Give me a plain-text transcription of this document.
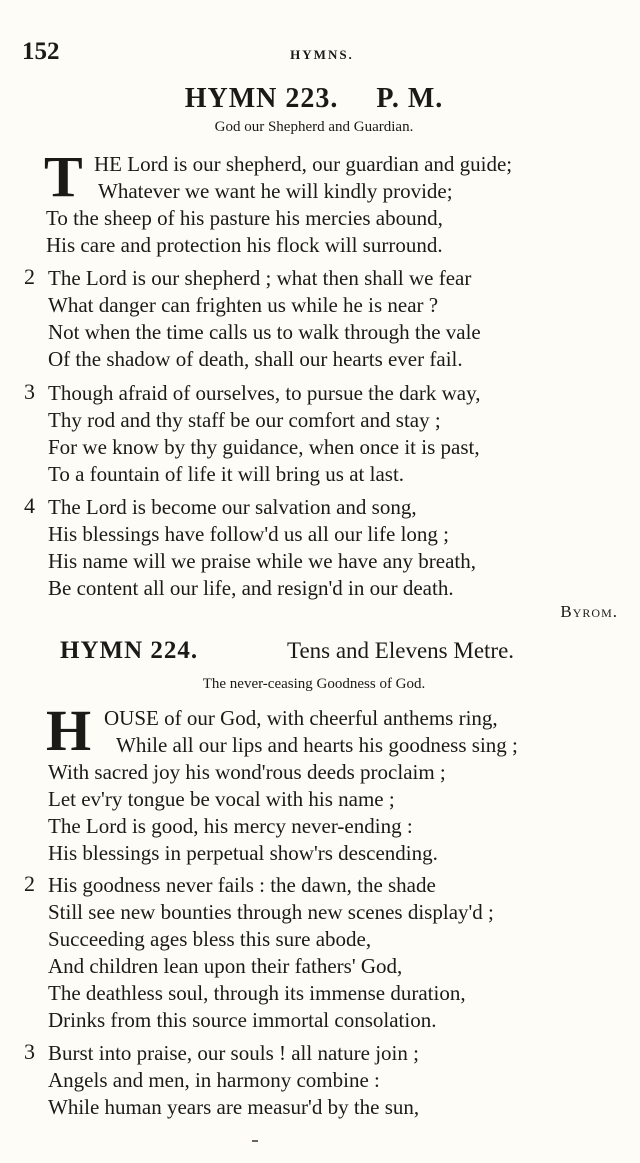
152	HYMNS.
HYMN 223. P. M.
God our Shepherd and Guardian.
T HE Lord is our shepherd, our guardian and guide;
Whatever we want he will kindly provide;
To the sheep of his pasture his mercies abound,
His care and protection his flock will surround.
2 The Lord is our shepherd ; what then shall we fear
What danger can frighten us while he is near ?
Not when the time calls us to walk through the vale
Of the shadow of death, shall our hearts ever fail.
3 Though afraid of ourselves, to pursue the dark way,
Thy rod and thy staff be our comfort and stay ;
For we know by thy guidance, when once it is past,
To a fountain of life it will bring us at last.
4 The Lord is become our salvation and song,
His blessings have follow'd us all our life long ;
His name will we praise while we have any breath,
Be content all our life, and resign'd in our death.
Byrom.
HYMN 224.	Tens and Elevens Metre.
The never-ceasing Goodness of God.
H OUSE of our God, with cheerful anthems ring,
While all our lips and hearts his goodness sing ;
With sacred joy his wond'rous deeds proclaim ;
Let ev'ry tongue be vocal with his name ;
The Lord is good, his mercy never-ending :
His blessings in perpetual show'rs descending.
2 His goodness never fails : the dawn, the shade
Still see new bounties through new scenes display'd ;
Succeeding ages bless this sure abode,
And children lean upon their fathers' God,
The deathless soul, through its immense duration,
Drinks from this source immortal consolation.
3 Burst into praise, our souls ! all nature join ;
Angels and men, in harmony combine :
While human years are measur'd by the sun,
